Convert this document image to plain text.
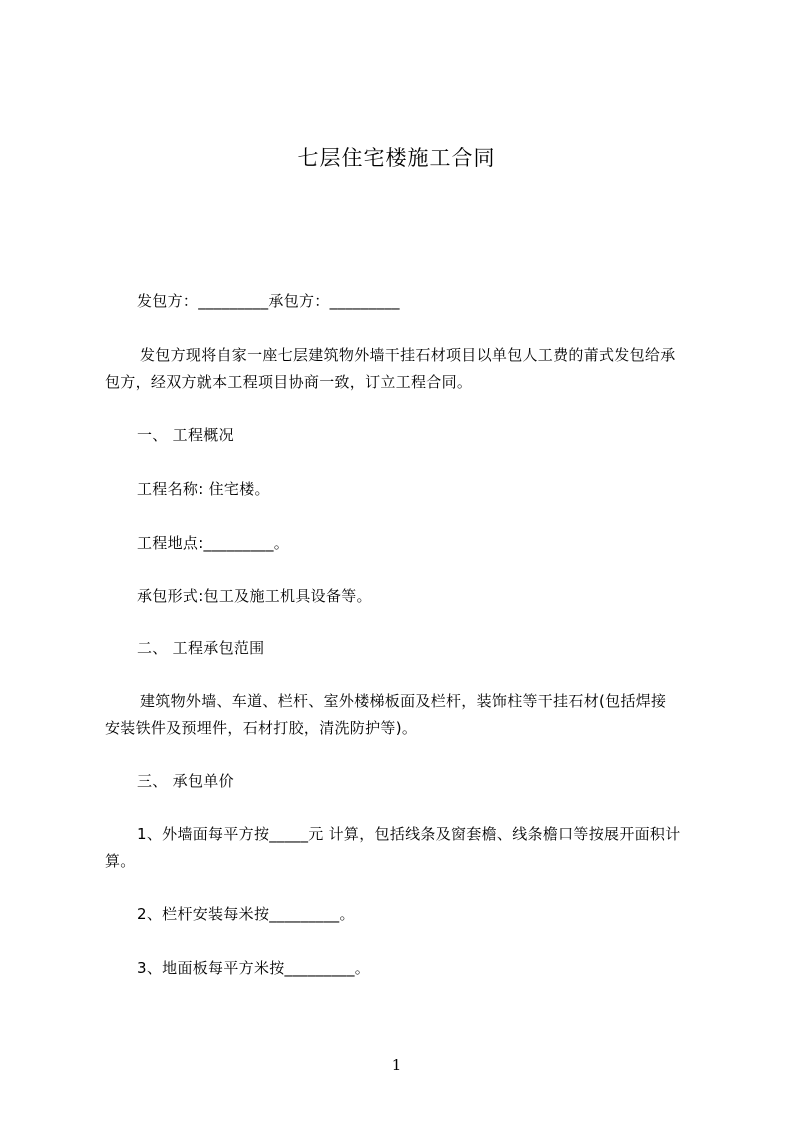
七层住宅楼施工合同
发包方：_________承包方：_________
发包方现将自家一座七层建筑物外墙干挂石材项目以单包人工费的莆式发包给承
包方，经双方就本工程项目协商一致，订立工程合同。
一、 工程概况
工程名称: 住宅楼。
工程地点:_________。
承包形式:包工及施工机具设备等。
二、 工程承包范围
建筑物外墙、车道、栏杆、室外楼梯板面及栏杆，装饰柱等干挂石材(包括焊接
安装铁件及预埋件，石材打胶，清洗防护等)。
三、 承包单价
1、外墙面每平方按_____元 计算，包括线条及窗套檐、线条檐口等按展开面积计
算。
2、栏杆安装每米按_________。
3、地面板每平方米按_________。
1
